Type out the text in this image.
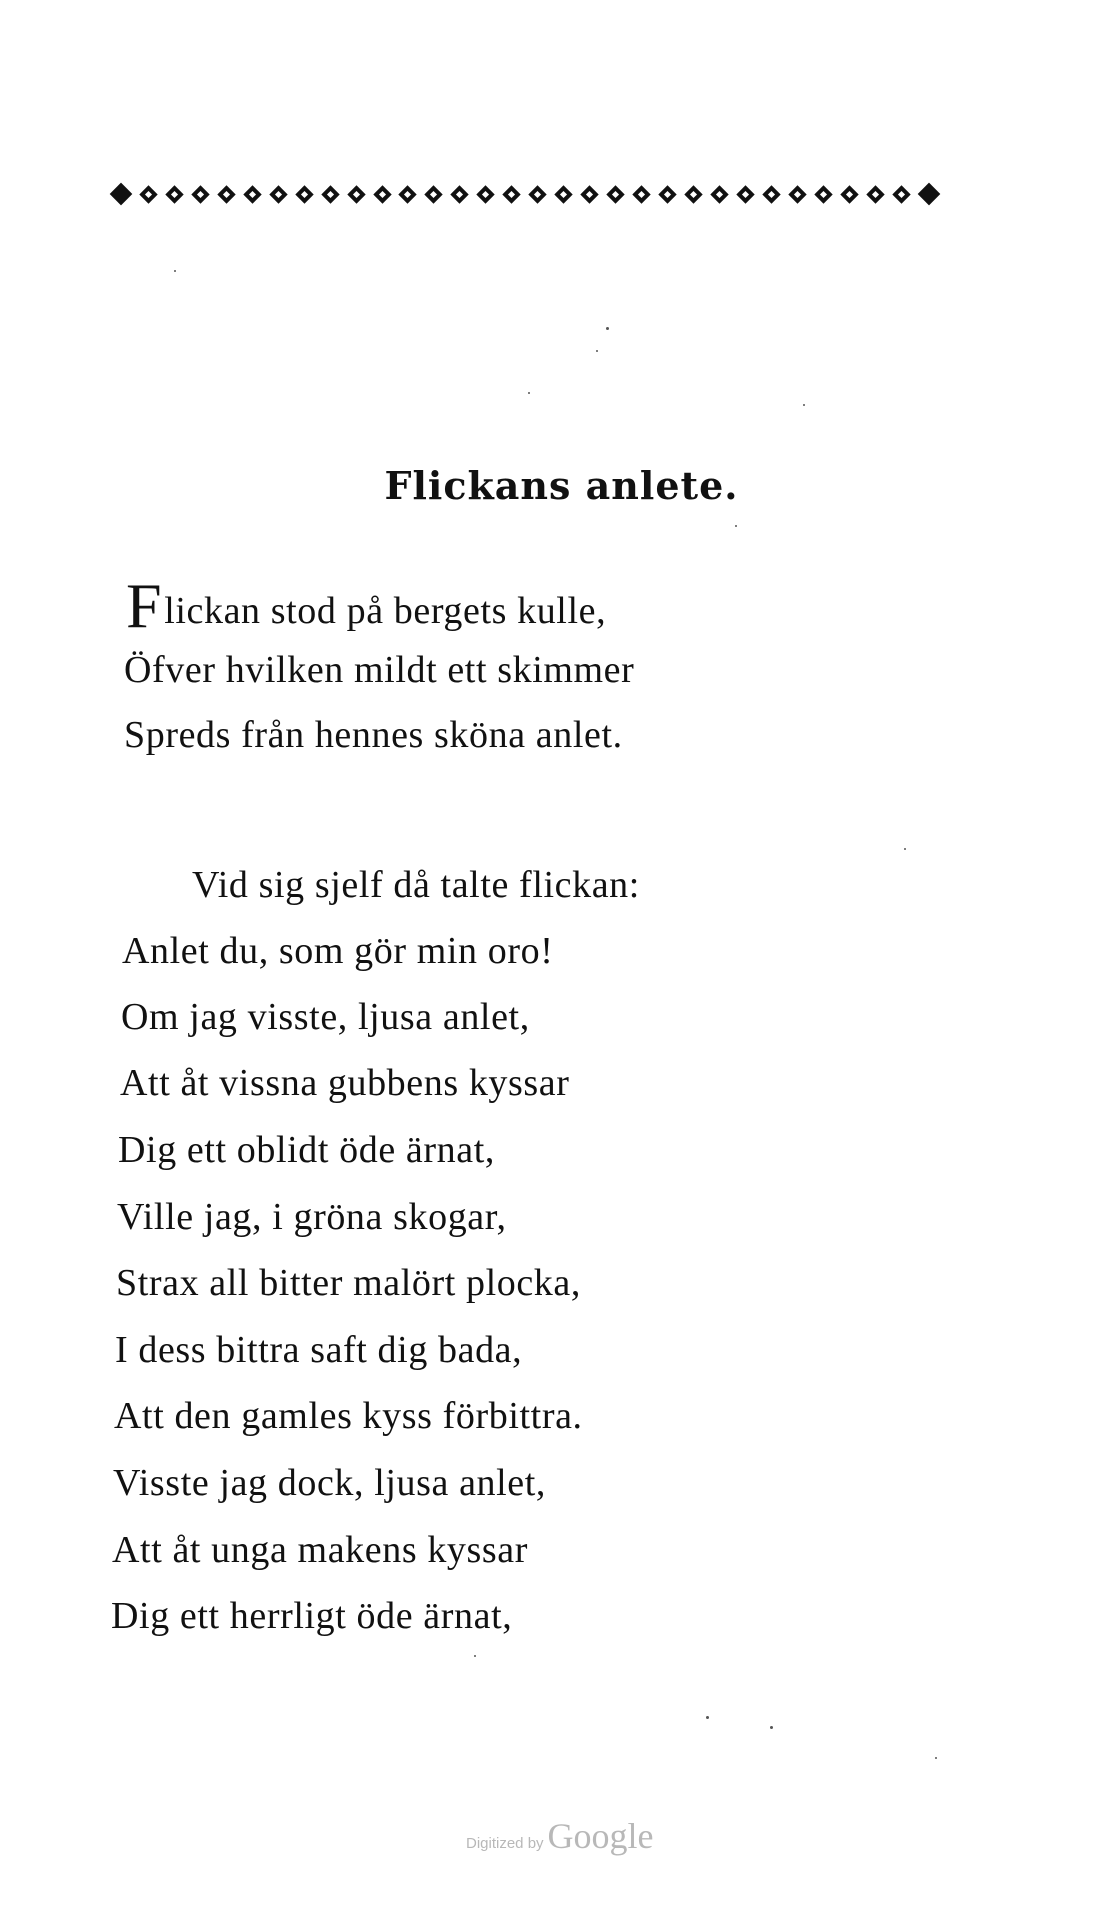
Flickans anlete.
Flickan stod på bergets kulle,
Öfver hvilken mildt ett skimmer
Spreds från hennes sköna anlet.
Vid sig sjelf då talte flickan:
Anlet du, som gör min oro!
Om jag visste, ljusa anlet,
Att åt vissna gubbens kyssar
Dig ett oblidt öde ärnat,
Ville jag, i gröna skogar,
Strax all bitter malört plocka,
I dess bittra saft dig bada,
Att den gamles kyss förbittra.
Visste jag dock, ljusa anlet,
Att åt unga makens kyssar
Dig ett herrligt öde ärnat,
Digitized by Google
